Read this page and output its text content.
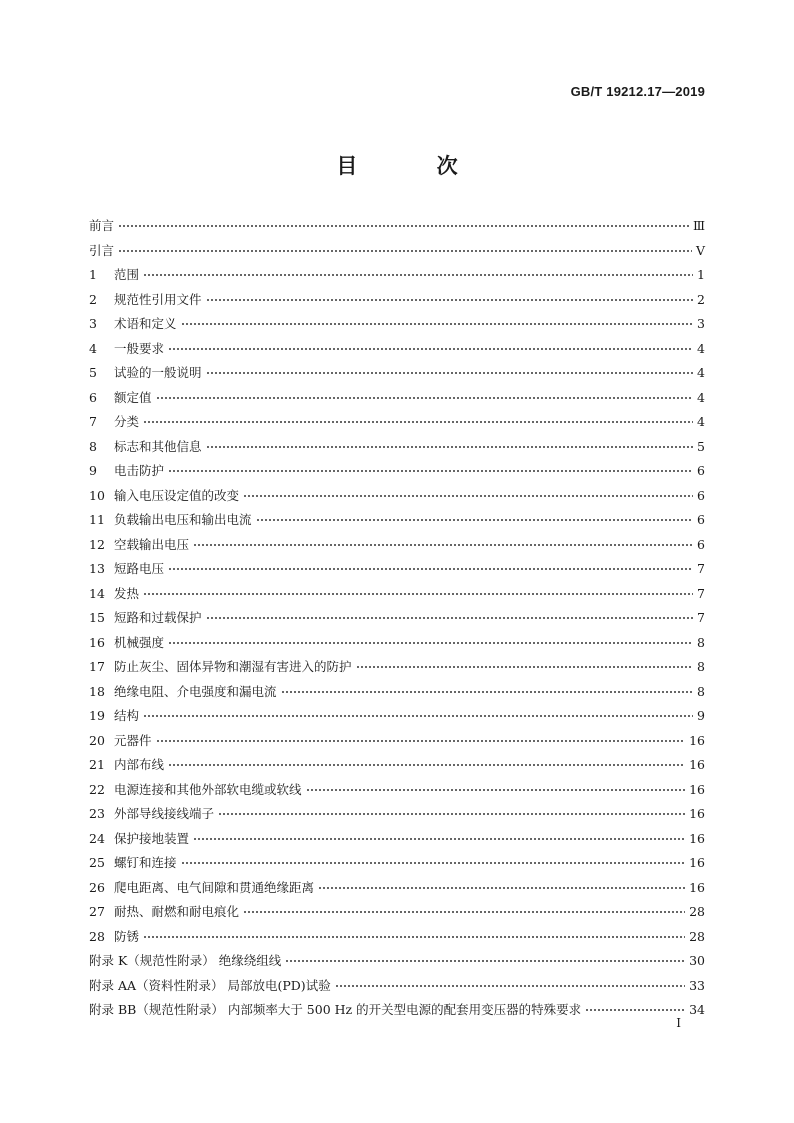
GB/T 19212.17—2019
目 次
前言	Ⅲ
引言	Ⅴ
1	范围	1
2	规范性引用文件	2
3	术语和定义	3
4	一般要求	4
5	试验的一般说明	4
6	额定值	4
7	分类	4
8	标志和其他信息	5
9	电击防护	6
10 输入电压设定值的改变	6
11 负载输出电压和输出电流	6
12 空载输出电压	6
13 短路电压	7
14 发热	7
15 短路和过载保护	7
16 机械强度	8
17 防止灰尘、固体异物和潮湿有害进入的防护	8
18 绝缘电阻、介电强度和漏电流	8
19 结构	9
20 元器件	16
21 内部布线	16
22 电源连接和其他外部软电缆或软线	16
23 外部导线接线端子	16
24 保护接地装置	16
25 螺钉和连接	16
26 爬电距离、电气间隙和贯通绝缘距离	16
27 耐热、耐燃和耐电痕化	28
28 防锈	28
附录 K（规范性附录） 绝缘绕组线	30
附录 AA（资料性附录） 局部放电(PD)试验	33
附录 BB（规范性附录） 内部频率大于 500 Hz 的开关型电源的配套用变压器的特殊要求	34
I
